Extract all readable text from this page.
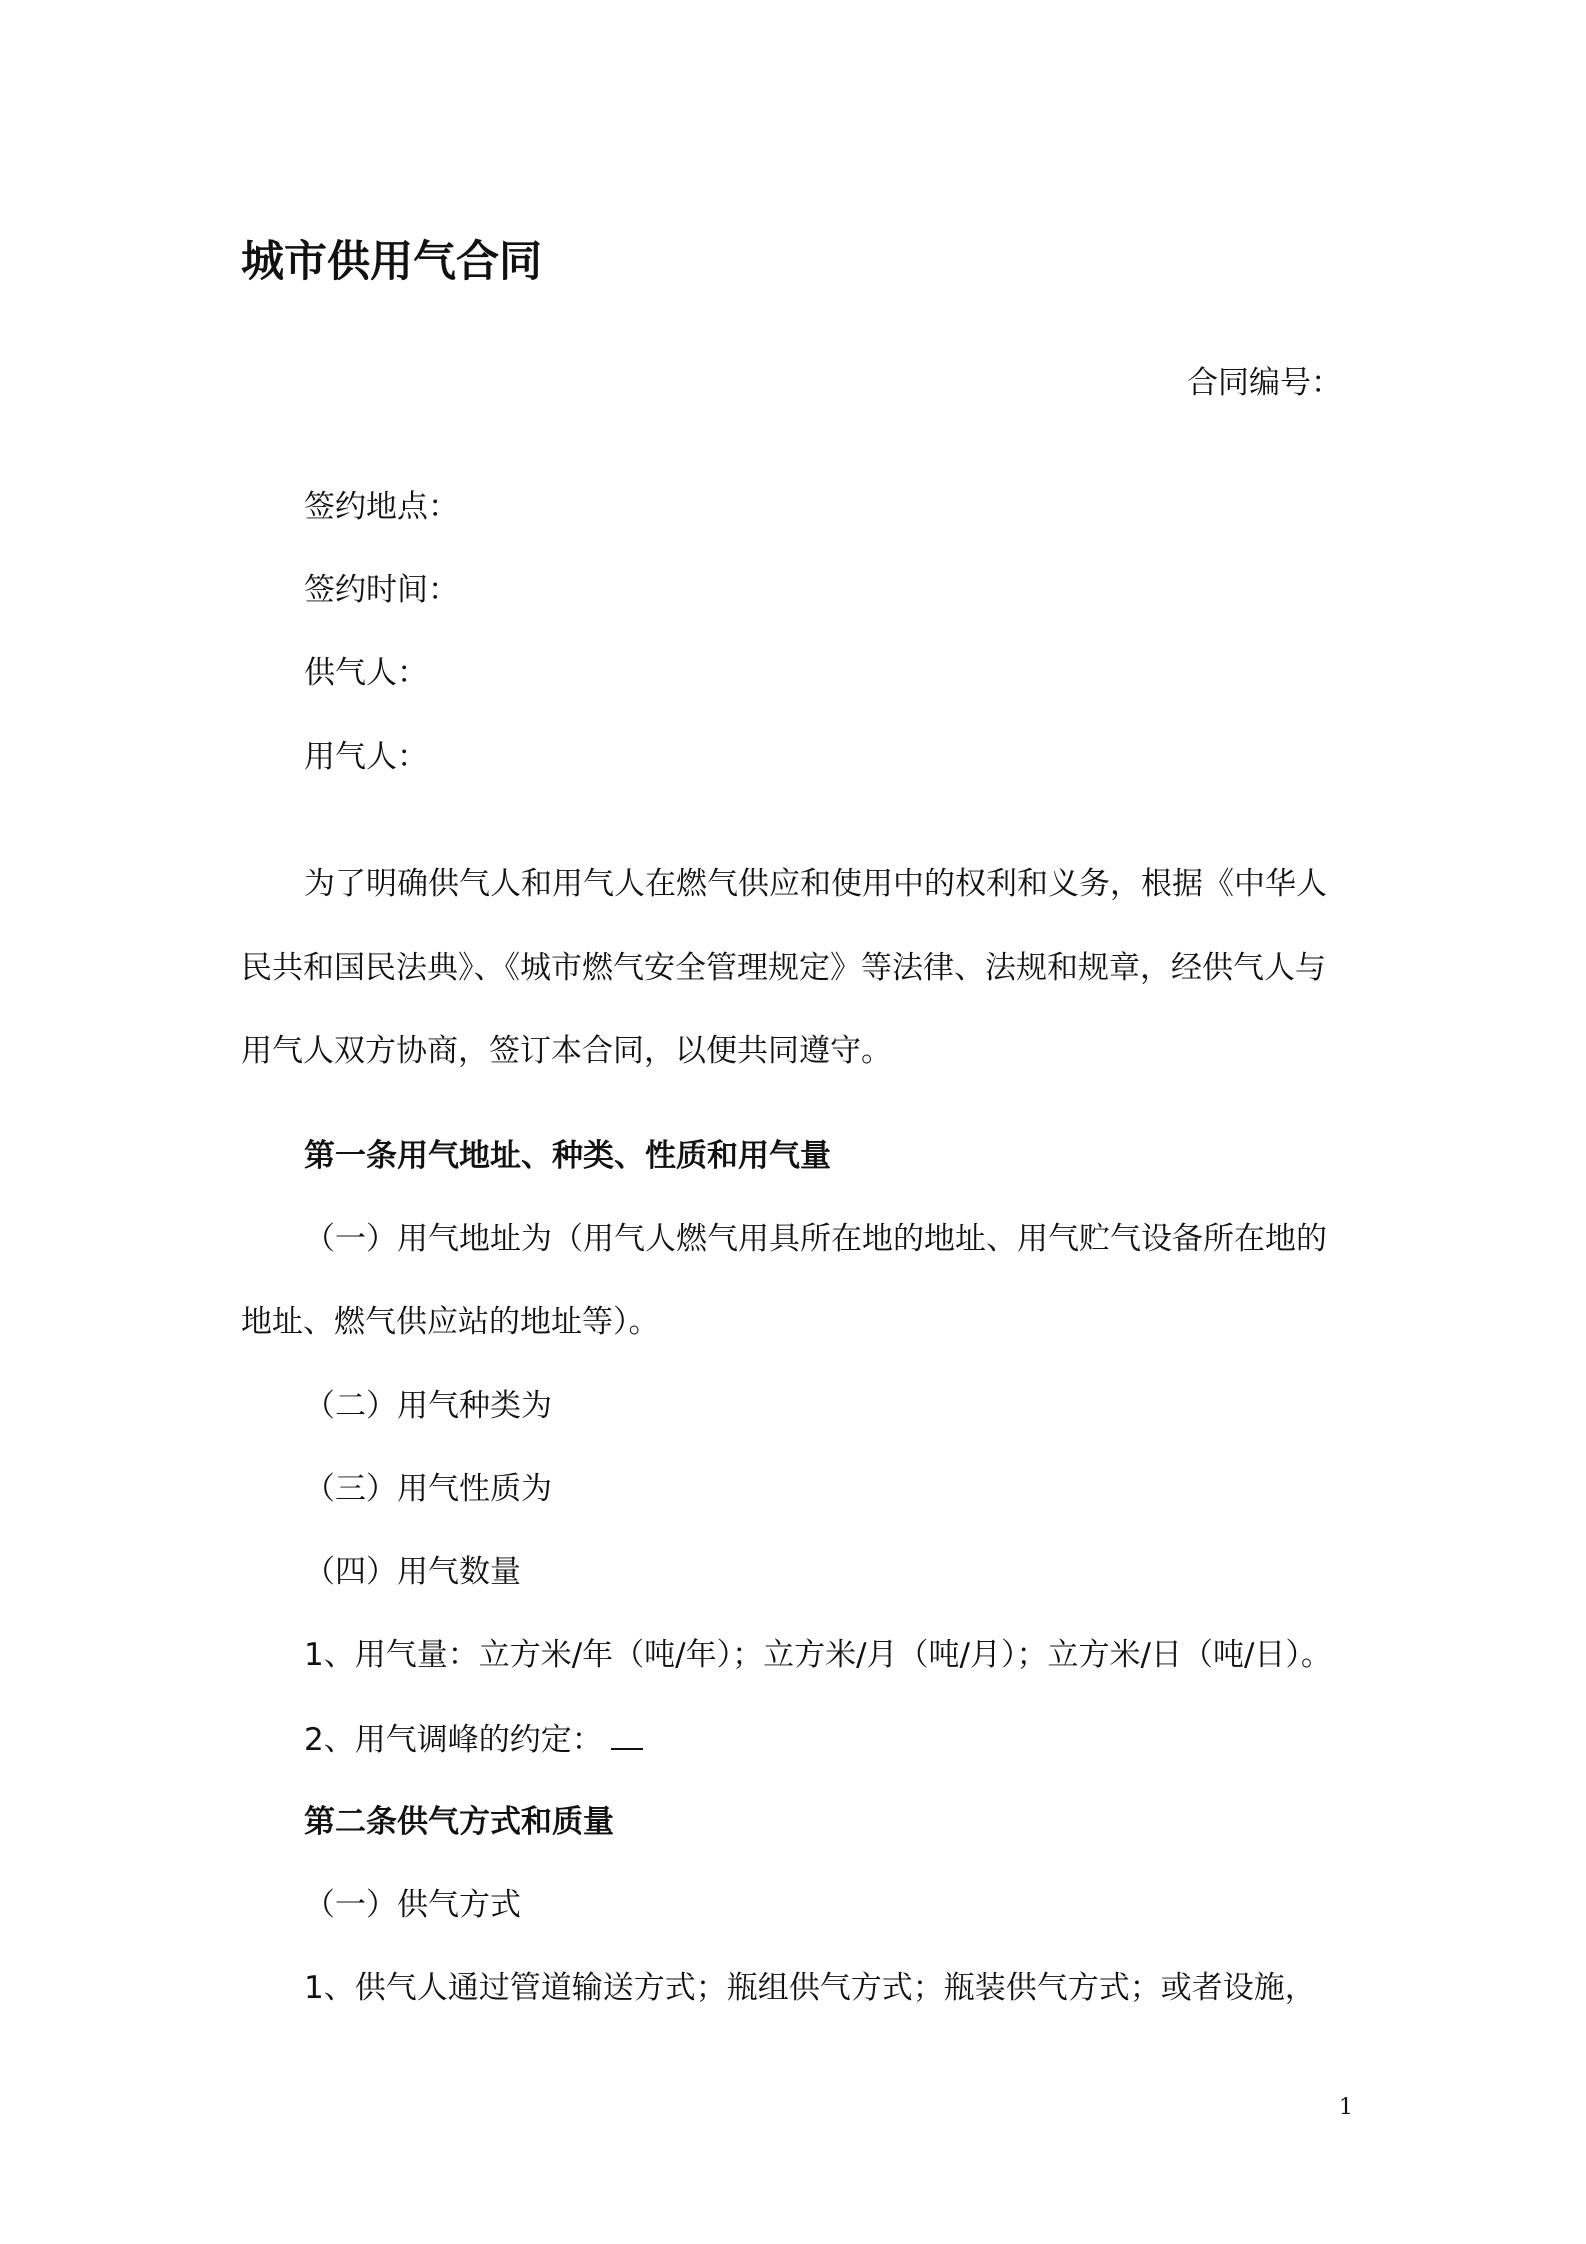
城市供用气合同
合同编号：
签约地点：
签约时间：
供气人：
用气人：
为了明确供气人和用气人在燃气供应和使用中的权利和义务，根据《中华人
民共和国民法典》、《城市燃气安全管理规定》等法律、法规和规章，经供气人与
用气人双方协商，签订本合同，以便共同遵守。
第一条用气地址、种类、性质和用气量
（一）用气地址为（用气人燃气用具所在地的地址、用气贮气设备所在地的
地址、燃气供应站的地址等）。
（二）用气种类为
（三）用气性质为
（四）用气数量
1、用气量：立方米/年（吨/年）；立方米/月（吨/月）；立方米/日（吨/日）。
2、用气调峰的约定：
第二条供气方式和质量
（一）供气方式
1、供气人通过管道输送方式；瓶组供气方式；瓶装供气方式；或者设施，
1
